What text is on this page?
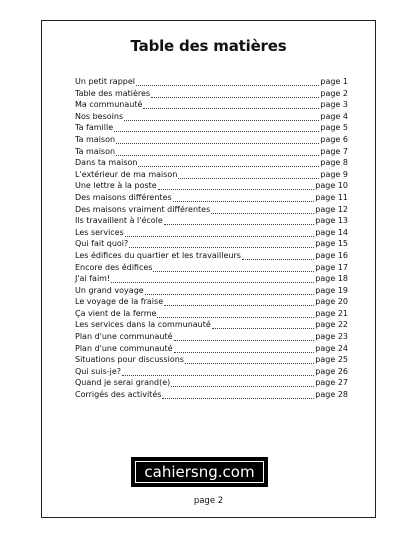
Table des matières
Un petit rappel	page 1
Table des matières	page 2
Ma communauté	page 3
Nos besoins	page 4
Ta famille	page 5
Ta maison	page 6
Ta maison	page 7
Dans ta maison	page 8
L'extérieur de ma maison	page 9
Une lettre à la poste	page 10
Des maisons différentes	page 11
Des maisons vraiment différentes	page 12
Ils travaillent à l'école	page 13
Les services	page 14
Qui fait quoi?	page 15
Les édifices du quartier et les travailleurs	page 16
Encore des édifices	page 17
J'ai faim!	page 18
Un grand voyage	page 19
Le voyage de la fraise	page 20
Ça vient de la ferme	page 21
Les services dans la communauté	page 22
Plan d'une communauté	page 23
Plan d'une communauté	page 24
Situations pour discussions	page 25
Qui suis-je?	page 26
Quand je serai grand(e)	page 27
Corrigés des activités	page 28
cahiersng.com
page 2
